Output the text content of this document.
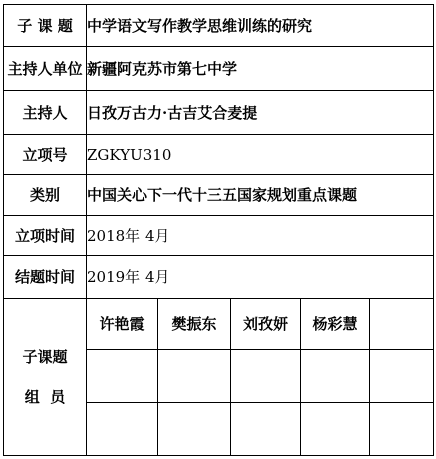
子 课 题	中学语文写作教学思维训练的研究				
主持人单位	新疆阿克苏市第七中学				
主持人	日孜万古力·古吉艾合麦提				
立项号	ZGKYU310				
类别	中国关心下一代十三五国家规划重点课题				
立项时间	2018年 4月				
结题时间	2019年 4月				

子课题
组  员	许艳霞	樊振东	刘孜妍	杨彩慧	
